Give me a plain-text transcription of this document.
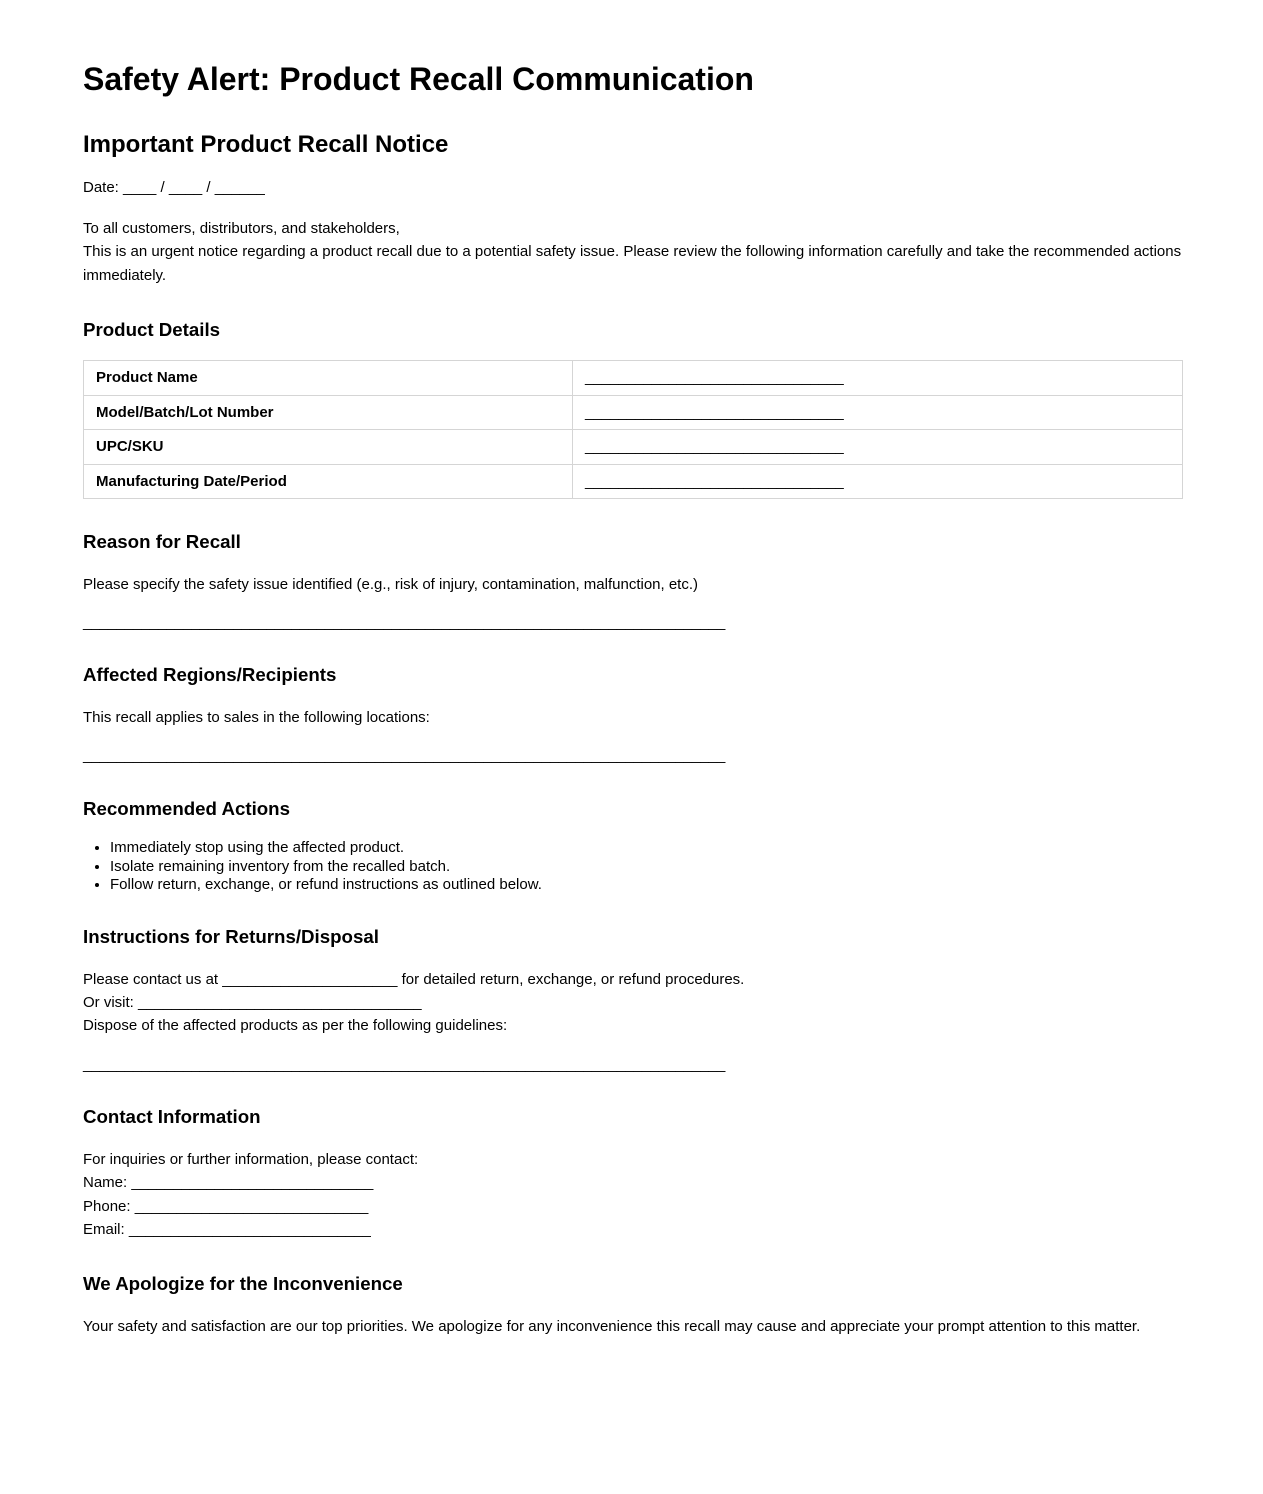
Safety Alert: Product Recall Communication
Important Product Recall Notice

Date: ____ / ____ / ______

To all customers, distributors, and stakeholders,
This is an urgent notice regarding a product recall due to a potential safety issue. Please review the following information carefully and take the recommended actions immediately.

Product Details
Product Name	_______________________________
Model/Batch/Lot Number	_______________________________
UPC/SKU	_______________________________
Manufacturing Date/Period	_______________________________
Reason for Recall

Please specify the safety issue identified (e.g., risk of injury, contamination, malfunction, etc.)

_____________________________________________________________________________

Affected Regions/Recipients

This recall applies to sales in the following locations:

_____________________________________________________________________________

Recommended Actions
• Immediately stop using the affected product.
• Isolate remaining inventory from the recalled batch.
• Follow return, exchange, or refund instructions as outlined below.
Instructions for Returns/Disposal

Please contact us at _____________________ for detailed return, exchange, or refund procedures.
Or visit: __________________________________
Dispose of the affected products as per the following guidelines:

_____________________________________________________________________________

Contact Information

For inquiries or further information, please contact:
Name: _____________________________
Phone: ____________________________
Email: _____________________________

We Apologize for the Inconvenience

Your safety and satisfaction are our top priorities. We apologize for any inconvenience this recall may cause and appreciate your prompt attention to this matter.
